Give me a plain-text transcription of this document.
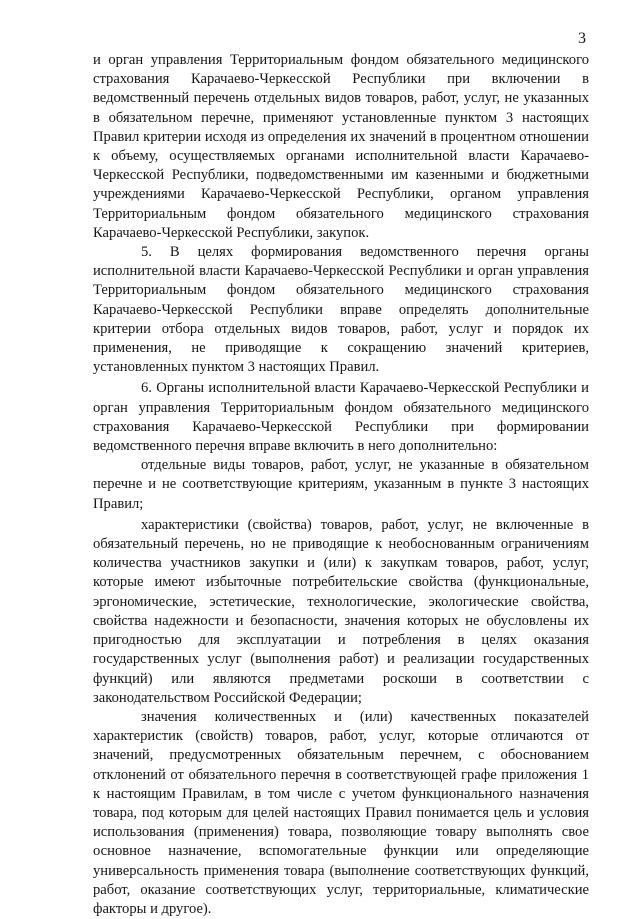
3

и орган управления Территориальным фондом обязательного медицинского страхования Карачаево-Черкесской Республики при включении в ведомственный перечень отдельных видов товаров, работ, услуг, не указанных в обязательном перечне, применяют установленные пунктом 3 настоящих Правил критерии исходя из определения их значений в процентном отношении к объему, осуществляемых органами исполнительной власти Карачаево-Черкесской Республики, подведомственными им казенными и бюджетными учреждениями Карачаево-Черкесской Республики, органом управления Территориальным фондом обязательного медицинского страхования Карачаево-Черкесской Республики, закупок.

5. В целях формирования ведомственного перечня органы исполнительной власти Карачаево-Черкесской Республики и орган управления Территориальным фондом обязательного медицинского страхования Карачаево-Черкесской Республики вправе определять дополнительные критерии отбора отдельных видов товаров, работ, услуг и порядок их применения, не приводящие к сокращению значений критериев, установленных пунктом 3 настоящих Правил.

6. Органы исполнительной власти Карачаево-Черкесской Республики и орган управления Территориальным фондом обязательного медицинского страхования Карачаево-Черкесской Республики при формировании ведомственного перечня вправе включить в него дополнительно:

отдельные виды товаров, работ, услуг, не указанные в обязательном перечне и не соответствующие критериям, указанным в пункте 3 настоящих Правил;

характеристики (свойства) товаров, работ, услуг, не включенные в обязательный перечень, но не приводящие к необоснованным ограничениям количества участников закупки и (или) к закупкам товаров, работ, услуг, которые имеют избыточные потребительские свойства (функциональные, эргономические, эстетические, технологические, экологические свойства, свойства надежности и безопасности, значения которых не обусловлены их пригодностью для эксплуатации и потребления в целях оказания государственных услуг (выполнения работ) и реализации государственных функций) или являются предметами роскоши в соответствии с законодательством Российской Федерации;

значения количественных и (или) качественных показателей характеристик (свойств) товаров, работ, услуг, которые отличаются от значений, предусмотренных обязательным перечнем, с обоснованием отклонений от обязательного перечня в соответствующей графе приложения 1 к настоящим Правилам, в том числе с учетом функционального назначения товара, под которым для целей настоящих Правил понимается цель и условия использования (применения) товара, позволяющие товару выполнять свое основное назначение, вспомогательные функции или определяющие универсальность применения товара (выполнение соответствующих функций, работ, оказание соответствующих услуг, территориальные, климатические факторы и другое).
